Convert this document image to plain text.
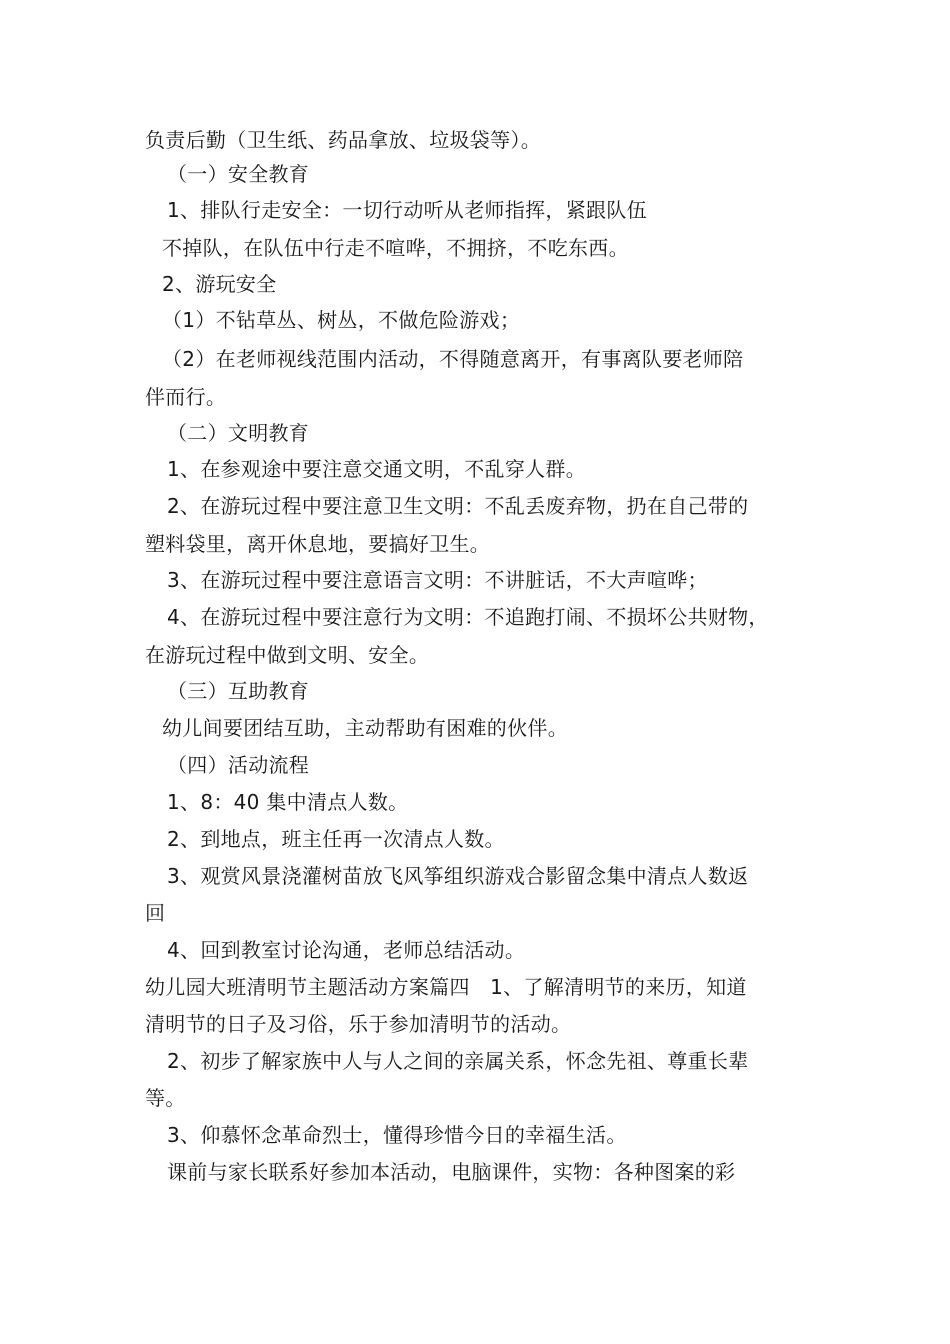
负责后勤（卫生纸、药品拿放、垃圾袋等）。
（一）安全教育
1、排队行走安全：一切行动听从老师指挥，紧跟队伍
不掉队，在队伍中行走不喧哗，不拥挤，不吃东西。
2、游玩安全
（1）不钻草丛、树丛，不做危险游戏；
（2）在老师视线范围内活动，不得随意离开，有事离队要老师陪
伴而行。
（二）文明教育
1、在参观途中要注意交通文明，不乱穿人群。
2、在游玩过程中要注意卫生文明：不乱丢废弃物，扔在自己带的
塑料袋里，离开休息地，要搞好卫生。
3、在游玩过程中要注意语言文明：不讲脏话，不大声喧哗；
4、在游玩过程中要注意行为文明：不追跑打闹、不损坏公共财物，
在游玩过程中做到文明、安全。
（三）互助教育
幼儿间要团结互助，主动帮助有困难的伙伴。
（四）活动流程
1、8：40 集中清点人数。
2、到地点，班主任再一次清点人数。
3、观赏风景浇灌树苗放飞风筝组织游戏合影留念集中清点人数返
回
4、回到教室讨论沟通，老师总结活动。
幼儿园大班清明节主题活动方案篇四　1、了解清明节的来历，知道
清明节的日子及习俗，乐于参加清明节的活动。
2、初步了解家族中人与人之间的亲属关系，怀念先祖、尊重长辈
等。
3、仰慕怀念革命烈士，懂得珍惜今日的幸福生活。
课前与家长联系好参加本活动，电脑课件，实物：各种图案的彩
